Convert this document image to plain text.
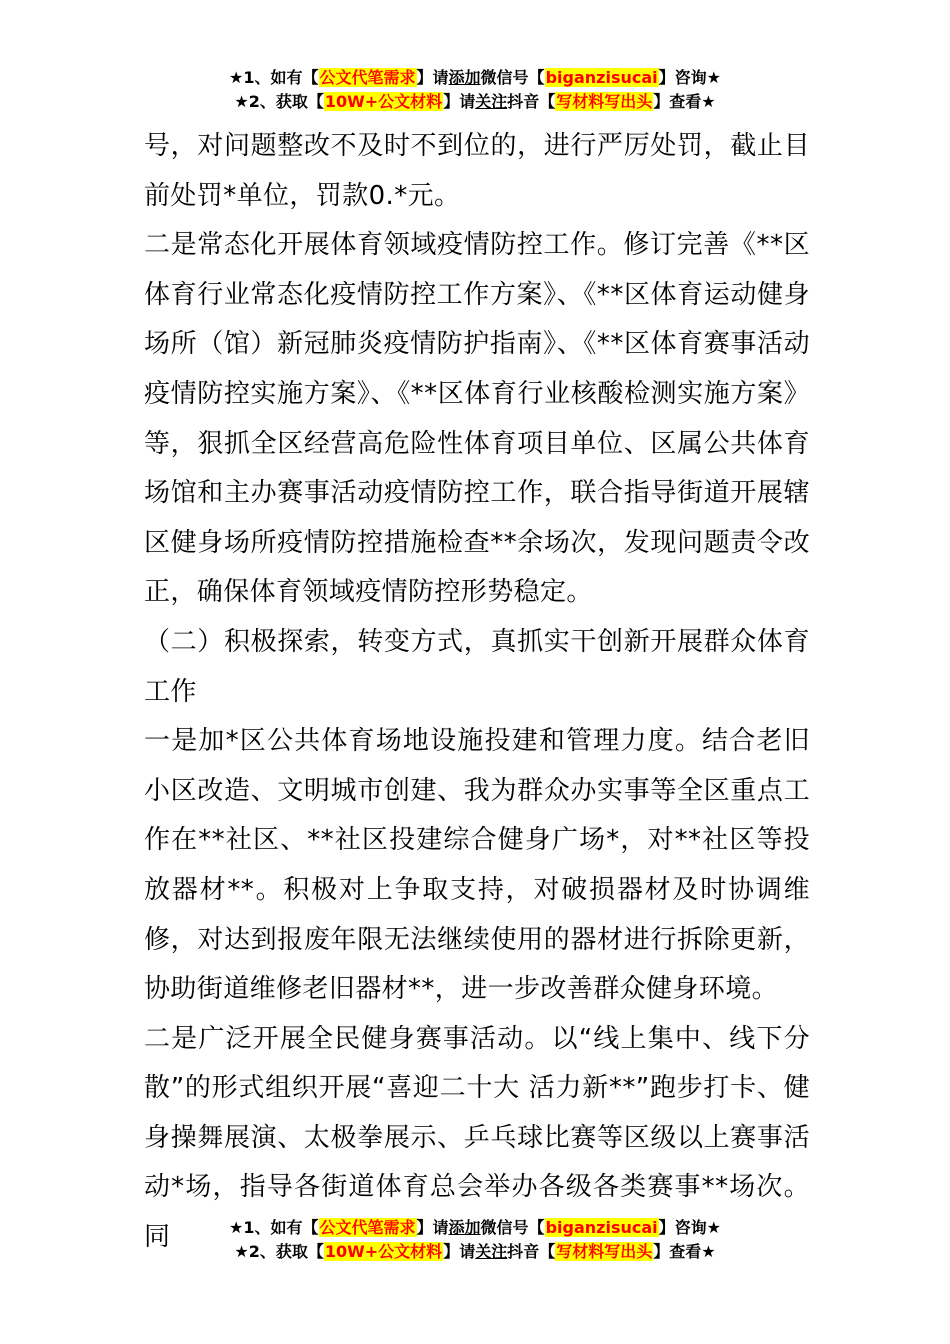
★1、如有【公文代笔需求】请添加微信号【biganzisucai】咨询★
★2、获取【10W+公文材料】请关注抖音【写材料写出头】查看★

号，对问题整改不及时不到位的，进行严厉处罚，截止目前处罚*单位，罚款0.*元。

二是常态化开展体育领域疫情防控工作。修订完善《**区体育行业常态化疫情防控工作方案》、《**区体育运动健身场所（馆）新冠肺炎疫情防护指南》、《**区体育赛事活动疫情防控实施方案》、《**区体育行业核酸检测实施方案》等，狠抓全区经营高危险性体育项目单位、区属公共体育场馆和主办赛事活动疫情防控工作，联合指导街道开展辖区健身场所疫情防控措施检查**余场次，发现问题责令改正，确保体育领域疫情防控形势稳定。

（二）积极探索，转变方式，真抓实干创新开展群众体育工作

一是加*区公共体育场地设施投建和管理力度。结合老旧小区改造、文明城市创建、我为群众办实事等全区重点工作在**社区、**社区投建综合健身广场*，对**社区等投放器材**。积极对上争取支持，对破损器材及时协调维修，对达到报废年限无法继续使用的器材进行拆除更新，协助街道维修老旧器材**，进一步改善群众健身环境。

二是广泛开展全民健身赛事活动。以“线上集中、线下分散”的形式组织开展“喜迎二十大 活力新**”跑步打卡、健身操舞展演、太极拳展示、乒乓球比赛等区级以上赛事活动*场，指导各街道体育总会举办各级各类赛事**场次。同	★1、如有【公文代笔需求】请添加微信号【biganzisucai】咨询★
★2、获取【10W+公文材料】请关注抖音【写材料写出头】查看★
